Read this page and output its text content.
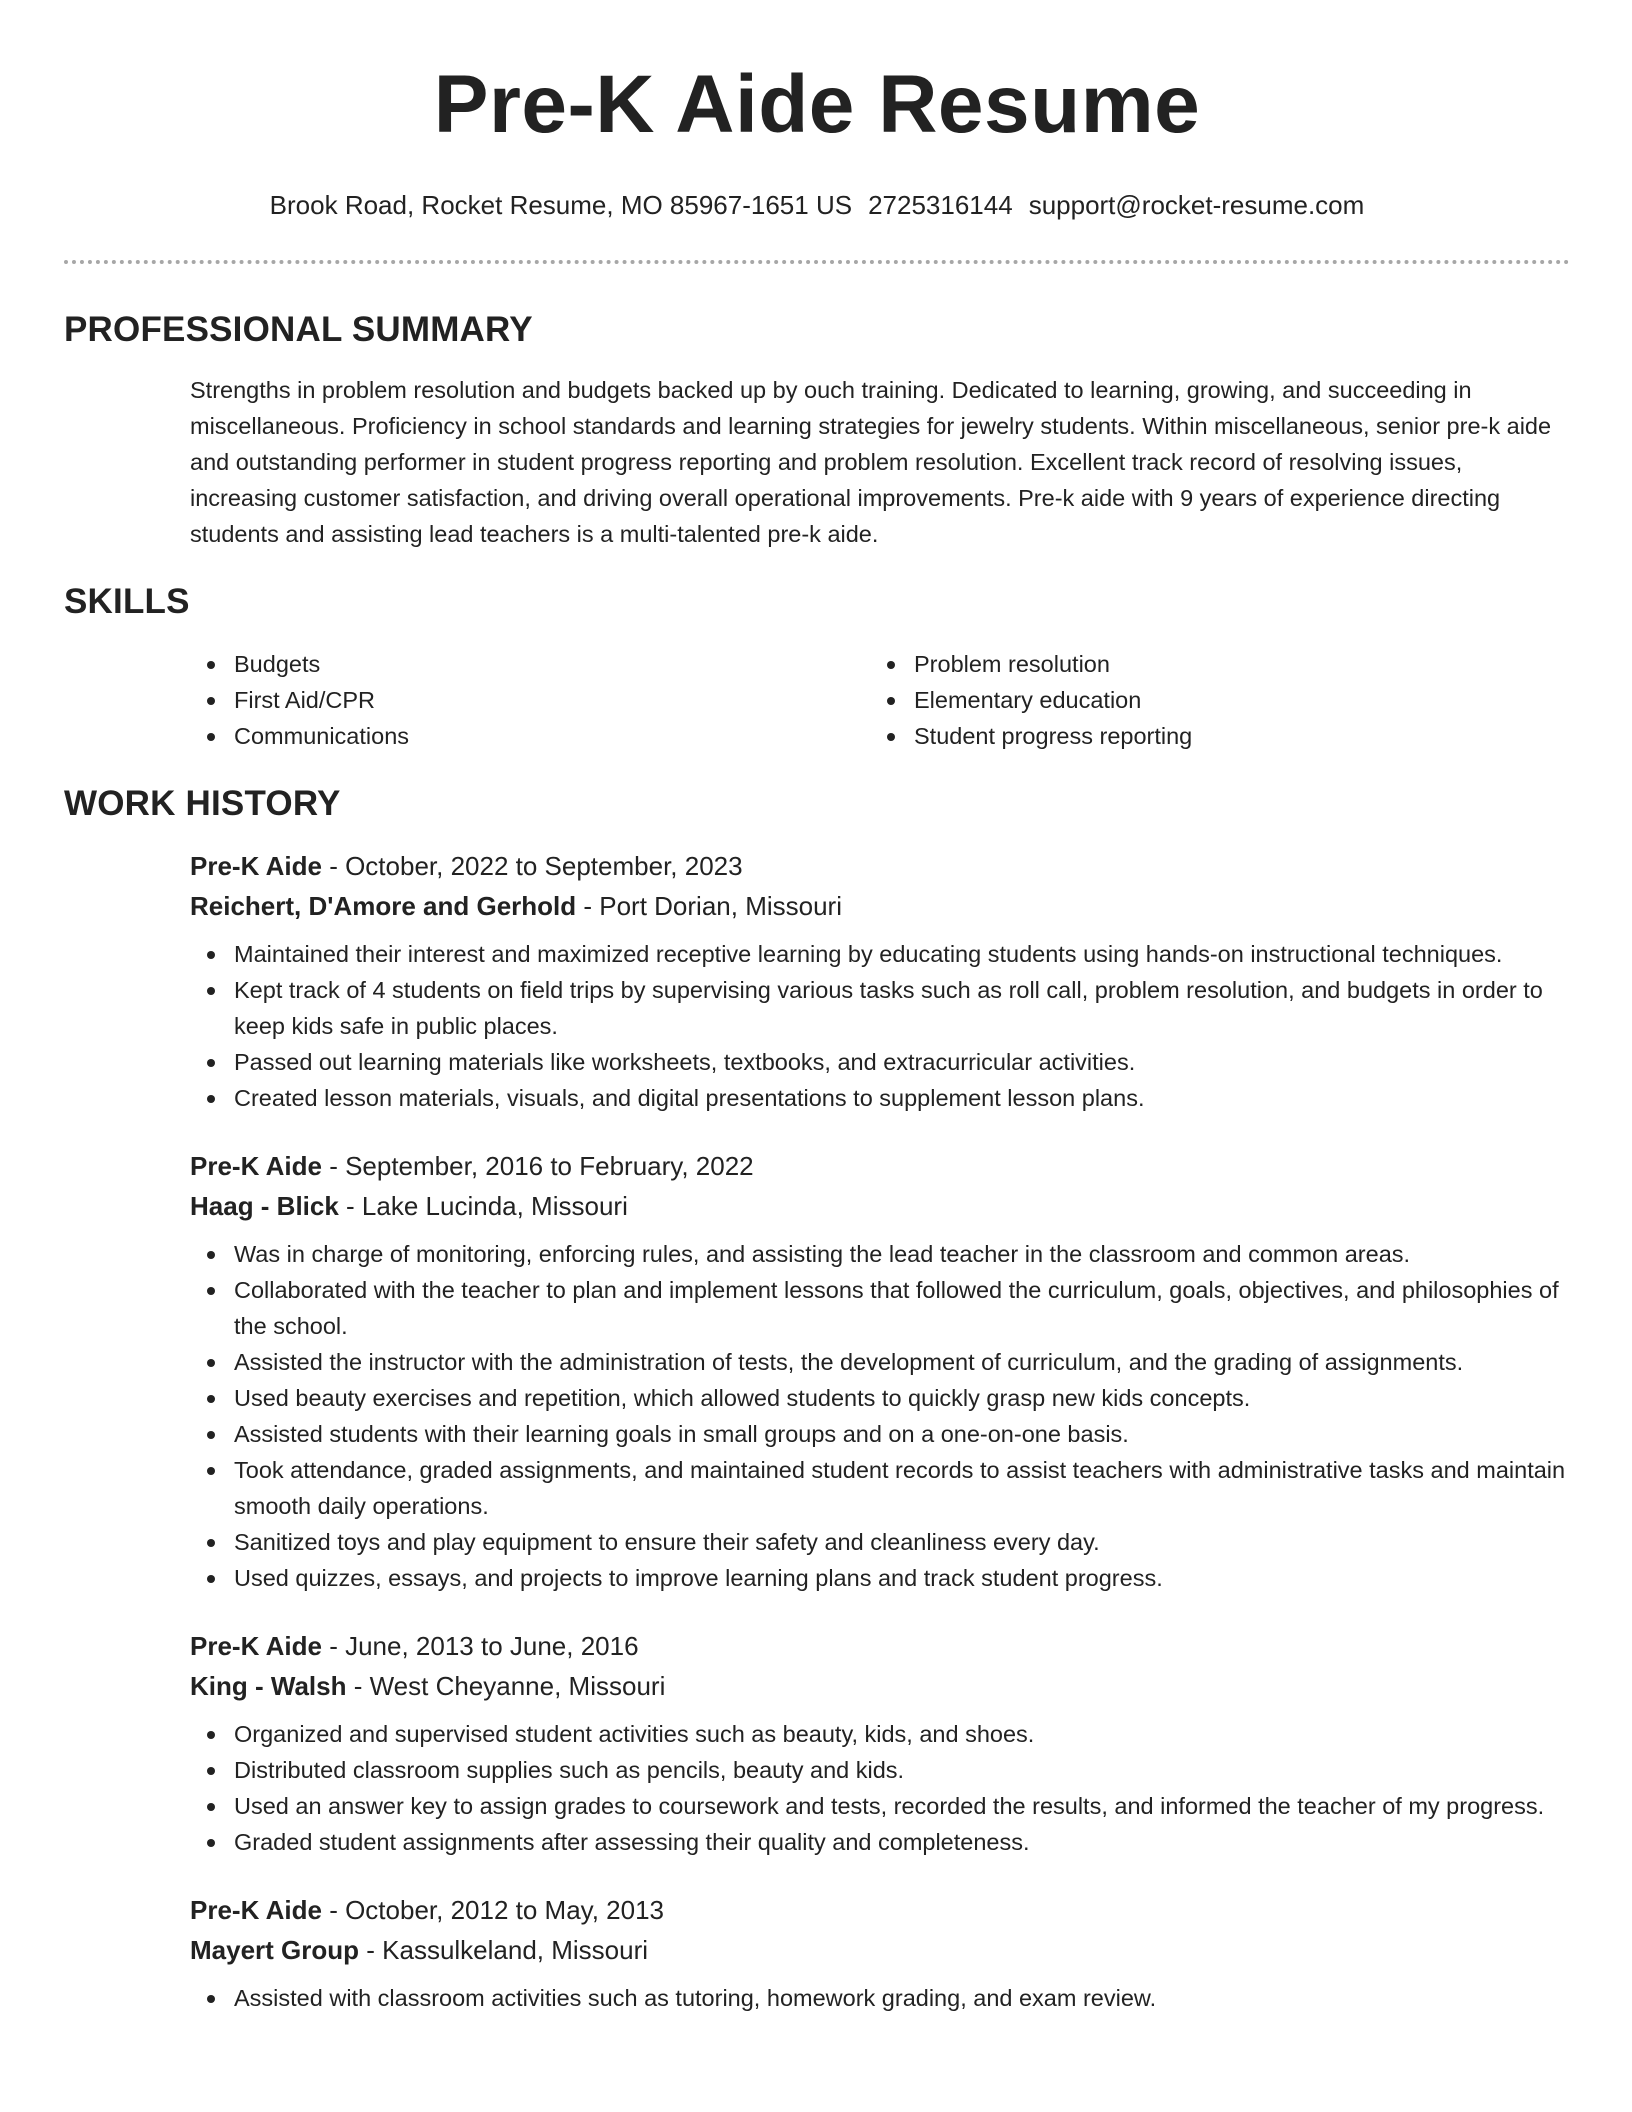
Pre-K Aide Resume
Brook Road, Rocket Resume, MO 85967-1651 US 2725316144 support@rocket-resume.com
PROFESSIONAL SUMMARY
Strengths in problem resolution and budgets backed up by ouch training. Dedicated to learning, growing, and succeeding in miscellaneous. Proficiency in school standards and learning strategies for jewelry students. Within miscellaneous, senior pre-k aide and outstanding performer in student progress reporting and problem resolution. Excellent track record of resolving issues, increasing customer satisfaction, and driving overall operational improvements. Pre-k aide with 9 years of experience directing students and assisting lead teachers is a multi-talented pre-k aide.
SKILLS
Budgets
First Aid/CPR
Communications
Problem resolution
Elementary education
Student progress reporting
WORK HISTORY
Pre-K Aide - October, 2022 to September, 2023
Reichert, D'Amore and Gerhold - Port Dorian, Missouri
Maintained their interest and maximized receptive learning by educating students using hands-on instructional techniques.
Kept track of 4 students on field trips by supervising various tasks such as roll call, problem resolution, and budgets in order to keep kids safe in public places.
Passed out learning materials like worksheets, textbooks, and extracurricular activities.
Created lesson materials, visuals, and digital presentations to supplement lesson plans.
Pre-K Aide - September, 2016 to February, 2022
Haag - Blick - Lake Lucinda, Missouri
Was in charge of monitoring, enforcing rules, and assisting the lead teacher in the classroom and common areas.
Collaborated with the teacher to plan and implement lessons that followed the curriculum, goals, objectives, and philosophies of the school.
Assisted the instructor with the administration of tests, the development of curriculum, and the grading of assignments.
Used beauty exercises and repetition, which allowed students to quickly grasp new kids concepts.
Assisted students with their learning goals in small groups and on a one-on-one basis.
Took attendance, graded assignments, and maintained student records to assist teachers with administrative tasks and maintain smooth daily operations.
Sanitized toys and play equipment to ensure their safety and cleanliness every day.
Used quizzes, essays, and projects to improve learning plans and track student progress.
Pre-K Aide - June, 2013 to June, 2016
King - Walsh - West Cheyanne, Missouri
Organized and supervised student activities such as beauty, kids, and shoes.
Distributed classroom supplies such as pencils, beauty and kids.
Used an answer key to assign grades to coursework and tests, recorded the results, and informed the teacher of my progress.
Graded student assignments after assessing their quality and completeness.
Pre-K Aide - October, 2012 to May, 2013
Mayert Group - Kassulkeland, Missouri
Assisted with classroom activities such as tutoring, homework grading, and exam review.
